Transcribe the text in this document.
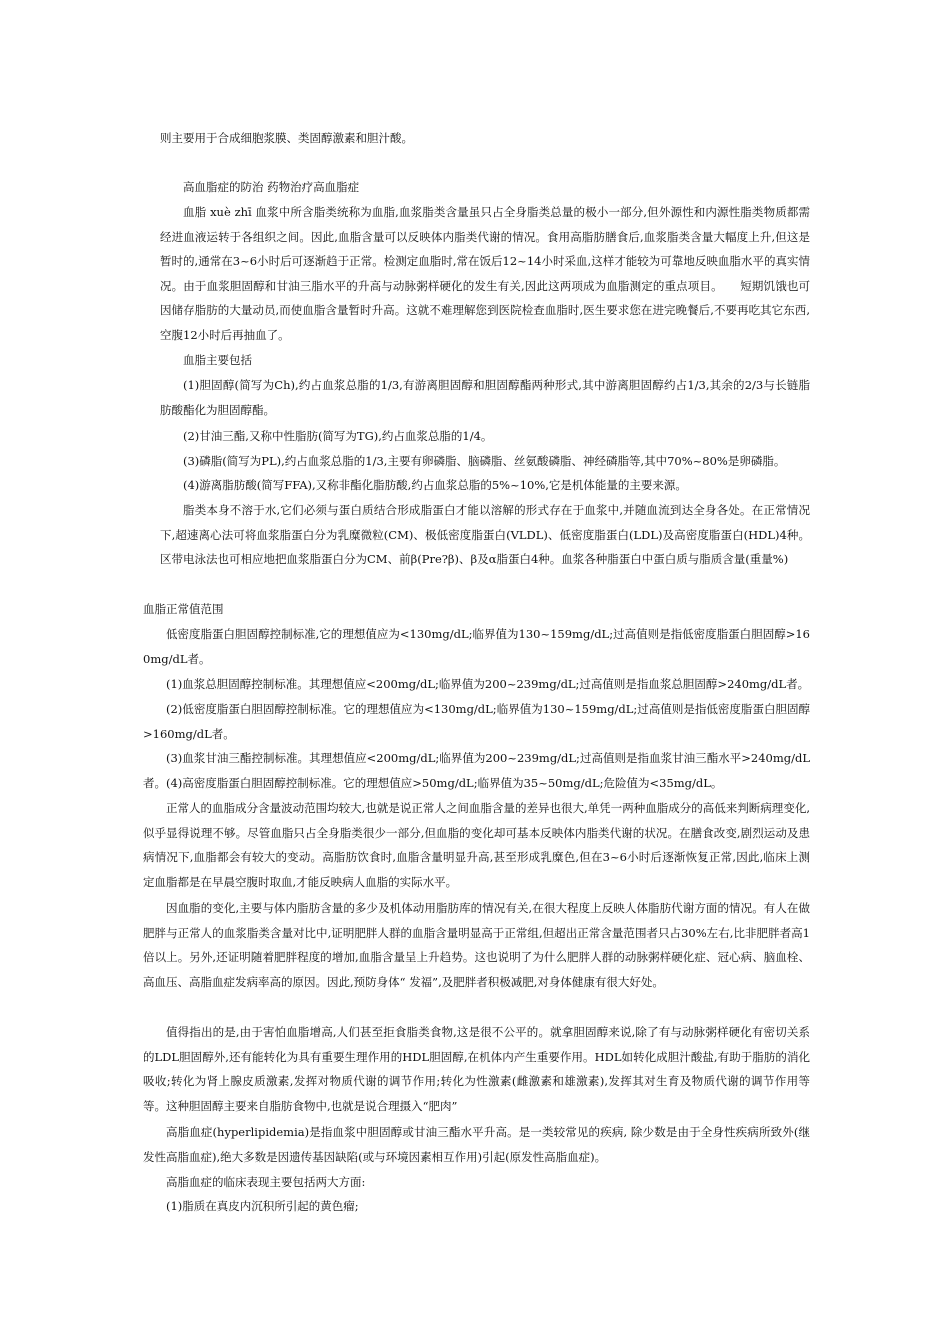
则主要用于合成细胞浆膜、类固醇激素和胆汁酸。

高血脂症的防治 药物治疗高血脂症

血脂 xuè zhī 血浆中所含脂类统称为血脂,血浆脂类含量虽只占全身脂类总量的极小一部分,但外源性和内源性脂类物质都需经进血液运转于各组织之间。因此,血脂含量可以反映体内脂类代谢的情况。食用高脂肪膳食后,血浆脂类含量大幅度上升,但这是暂时的,通常在3~6小时后可逐渐趋于正常。检测定血脂时,常在饭后12~14小时采血,这样才能较为可靠地反映血脂水平的真实情况。由于血浆胆固醇和甘油三脂水平的升高与动脉粥样硬化的发生有关,因此这两项成为血脂测定的重点项目。　　短期饥饿也可因储存脂肪的大量动员,而使血脂含量暂时升高。这就不难理解您到医院检查血脂时,医生要求您在进完晚餐后,不要再吃其它东西,空腹12小时后再抽血了。

血脂主要包括

(1)胆固醇(简写为Ch),约占血浆总脂的1/3,有游离胆固醇和胆固醇酯两种形式,其中游离胆固醇约占1/3,其余的2/3与长链脂肪酸酯化为胆固醇酯。

(2)甘油三酯,又称中性脂肪(简写为TG),约占血浆总脂的1/4。

(3)磷脂(简写为PL),约占血浆总脂的1/3,主要有卵磷脂、脑磷脂、丝氨酸磷脂、神经磷脂等,其中70%~80%是卵磷脂。

(4)游离脂肪酸(简写FFA),又称非酯化脂肪酸,约占血浆总脂的5%~10%,它是机体能量的主要来源。

脂类本身不溶于水,它们必须与蛋白质结合形成脂蛋白才能以溶解的形式存在于血浆中,并随血流到达全身各处。在正常情况下,超速离心法可将血浆脂蛋白分为乳糜微粒(CM)、极低密度脂蛋白(VLDL)、低密度脂蛋白(LDL)及高密度脂蛋白(HDL)4种。区带电泳法也可相应地把血浆脂蛋白分为CM、前β(Pre?β)、β及α脂蛋白4种。血浆各种脂蛋白中蛋白质与脂质含量(重量%)

血脂正常值范围

低密度脂蛋白胆固醇控制标准,它的理想值应为<130mg/dL;临界值为130~159mg/dL;过高值则是指低密度脂蛋白胆固醇>160mg/dL者。

(1)血浆总胆固醇控制标准。其理想值应<200mg/dL;临界值为200~239mg/dL;过高值则是指血浆总胆固醇>240mg/dL者。

(2)低密度脂蛋白胆固醇控制标准。它的理想值应为<130mg/dL;临界值为130~159mg/dL;过高值则是指低密度脂蛋白胆固醇>160mg/dL者。

(3)血浆甘油三酯控制标准。其理想值应<200mg/dL;临界值为200~239mg/dL;过高值则是指血浆甘油三酯水平>240mg/dL者。 (4)高密度脂蛋白胆固醇控制标准。它的理想值应>50mg/dL;临界值为35~50mg/dL;危险值为<35mg/dL。

正常人的血脂成分含量波动范围均较大,也就是说正常人之间血脂含量的差异也很大,单凭一两种血脂成分的高低来判断病理变化,似乎显得说理不够。尽管血脂只占全身脂类很少一部分,但血脂的变化却可基本反映体内脂类代谢的状况。在膳食改变,剧烈运动及患病情况下,血脂都会有较大的变动。高脂肪饮食时,血脂含量明显升高,甚至形成乳糜色,但在3~6小时后逐渐恢复正常,因此,临床上测定血脂都是在早晨空腹时取血,才能反映病人血脂的实际水平。

因血脂的变化,主要与体内脂肪含量的多少及机体动用脂肪库的情况有关,在很大程度上反映人体脂肪代谢方面的情况。有人在做肥胖与正常人的血浆脂类含量对比中,证明肥胖人群的血脂含量明显高于正常组,但超出正常含量范围者只占30%左右,比非肥胖者高1倍以上。另外,还证明随着肥胖程度的增加,血脂含量呈上升趋势。这也说明了为什么肥胖人群的动脉粥样硬化症、冠心病、脑血栓、高血压、高脂血症发病率高的原因。因此,预防身体“ 发福”,及肥胖者积极减肥,对身体健康有很大好处。

值得指出的是,由于害怕血脂增高,人们甚至拒食脂类食物,这是很不公平的。就拿胆固醇来说,除了有与动脉粥样硬化有密切关系的LDL胆固醇外,还有能转化为具有重要生理作用的HDL胆固醇,在机体内产生重要作用。HDL如转化成胆汁酸盐,有助于脂肪的消化吸收;转化为肾上腺皮质激素,发挥对物质代谢的调节作用;转化为性激素(雌激素和雄激素),发挥其对生育及物质代谢的调节作用等等。这种胆固醇主要来自脂肪食物中,也就是说合理摄入“肥肉”

高脂血症(hyperlipidemia)是指血浆中胆固醇或甘油三酯水平升高。是一类较常见的疾病, 除少数是由于全身性疾病所致外(继发性高脂血症),绝大多数是因遗传基因缺陷(或与环境因素相互作用)引起(原发性高脂血症)。

高脂血症的临床表现主要包括两大方面:

(1)脂质在真皮内沉积所引起的黄色瘤;
